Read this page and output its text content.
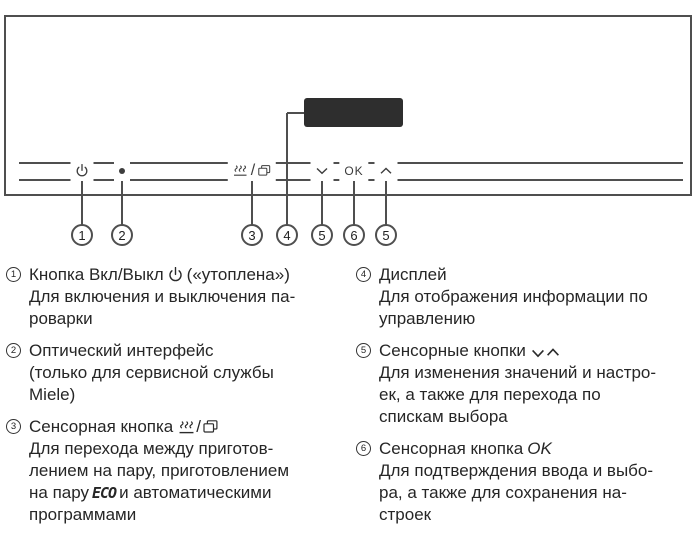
/	OK
1	2	3	4	5	6	5
1 Кнопка Вкл/Выкл («утоплена»)
Для включения и выключения па-
роварки
2 Оптический интерфейс
(только для сервисной службы
Miele)
3 Сенсорная кнопка /
Для перехода между приготов-
лением на пару, приготовлением
на пару ECO и автоматическими
программами
4 Дисплей
Для отображения информации по
управлению
5 Сенсорные кнопки
Для изменения значений и настро-
ек, а также для перехода по
спискам выбора
6 Сенсорная кнопка OK
Для подтверждения ввода и выбо-
ра, а также для сохранения на-
строек
